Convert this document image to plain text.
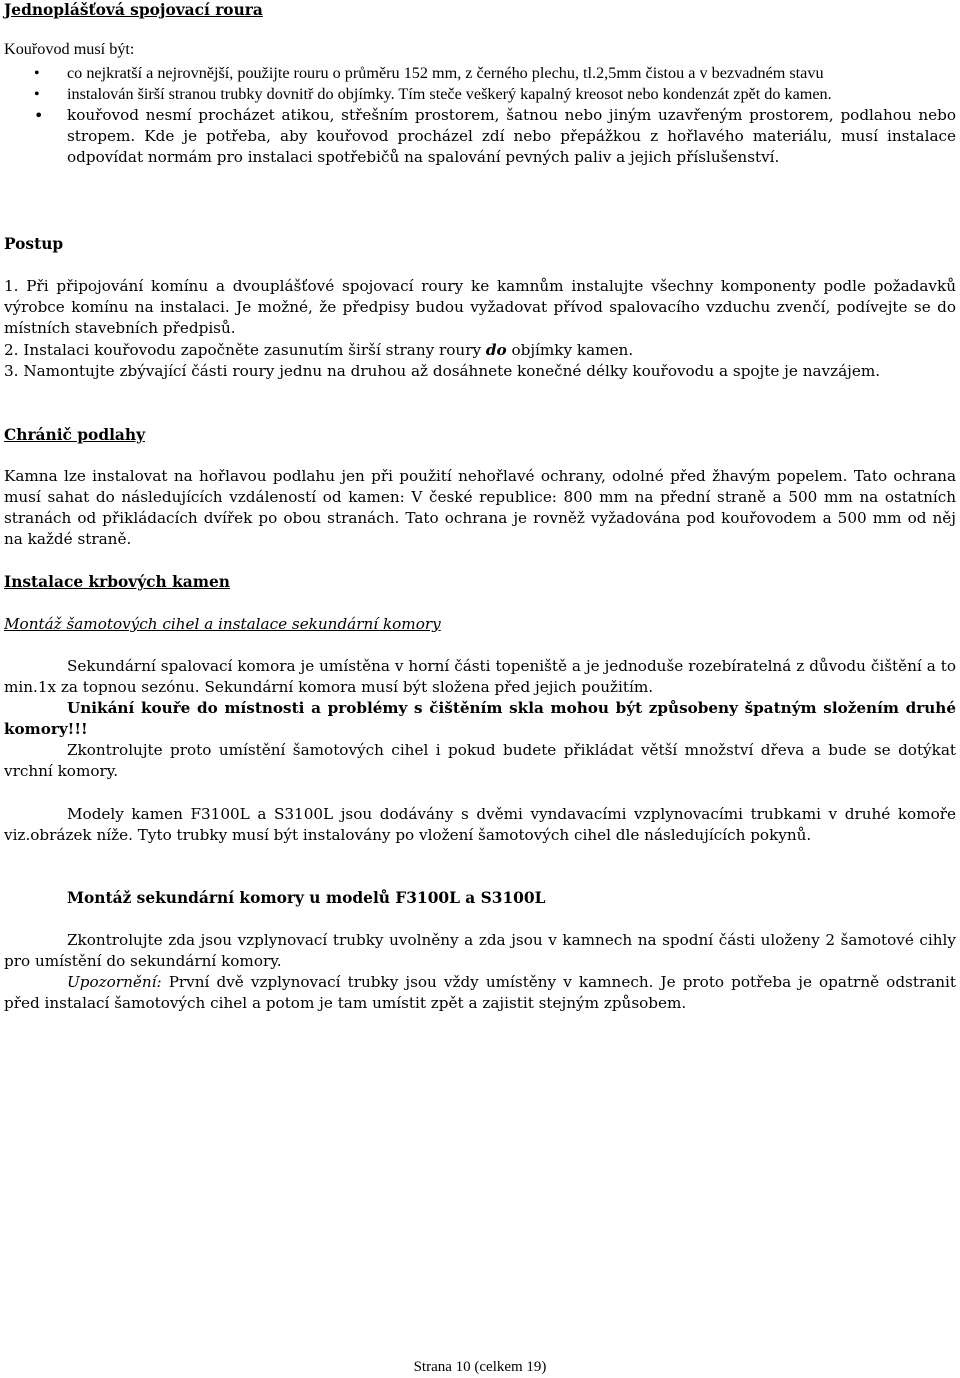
Jednoplášťová spojovací roura
Kouřovod musí být:
• co nejkratší a nejrovnější, použijte rouru o průměru 152 mm, z černého plechu, tl.2,5mm čistou a v bezvadném stavu
• instalován širší stranou trubky dovnitř do objímky. Tím steče veškerý kapalný kreosot nebo kondenzát zpět do kamen.
• kouřovod nesmí procházet atikou, střešním prostorem, šatnou nebo jiným uzavřeným prostorem, podlahou nebo stropem. Kde je potřeba, aby kouřovod procházel zdí nebo přepážkou z hořlavého materiálu, musí instalace odpovídat normám pro instalaci spotřebičů na spalování pevných paliv a jejich příslušenství.
Postup
1. Při připojování komínu a dvouplášťové spojovací roury ke kamnům instalujte všechny komponenty podle požadavků výrobce komínu na instalaci. Je možné, že předpisy budou vyžadovat přívod spalovacího vzduchu zvenčí, podívejte se do místních stavebních předpisů.
2. Instalaci kouřovodu započněte zasunutím širší strany roury do objímky kamen.
3. Namontujte zbývající části roury jednu na druhou až dosáhnete konečné délky kouřovodu a spojte je navzájem.
Chránič podlahy
Kamna lze instalovat na hořlavou podlahu jen při použití nehořlavé ochrany, odolné před žhavým popelem. Tato ochrana musí sahat do následujících vzdáleností od kamen: V české republice: 800 mm na přední straně a 500 mm na ostatních stranách od přikládacích dvířek po obou stranách. Tato ochrana je rovněž vyžadována pod kouřovodem a 500 mm od něj na každé straně.
Instalace krbových kamen
Montáž šamotových cihel a instalace sekundární komory
Sekundární spalovací komora je umístěna v horní části topeniště a je jednoduše rozebíratelná z důvodu čištění a to min.1x za topnou sezónu. Sekundární komora musí být složena před jejich použitím.
Unikání kouře do místnosti a problémy s čištěním skla mohou být způsobeny špatným složením druhé komory!!!
Zkontrolujte proto umístění šamotových cihel i pokud budete přikládat větší množství dřeva a bude se dotýkat vrchní komory.
Modely kamen F3100L a S3100L jsou dodávány s dvěmi vyndavacími vzplynovacími trubkami v druhé komoře viz.obrázek níže. Tyto trubky musí být instalovány po vložení šamotových cihel dle následujících pokynů.
Montáž sekundární komory u modelů F3100L a S3100L
Zkontrolujte zda jsou vzplynovací trubky uvolněny a zda jsou v kamnech na spodní části uloženy 2 šamotové cihly pro umístění do sekundární komory.
Upozornění: První dvě vzplynovací trubky jsou vždy umístěny v kamnech. Je proto potřeba je opatrně odstranit před instalací šamotových cihel a potom je tam umístit zpět a zajistit stejným způsobem.
Strana 10 (celkem 19)
